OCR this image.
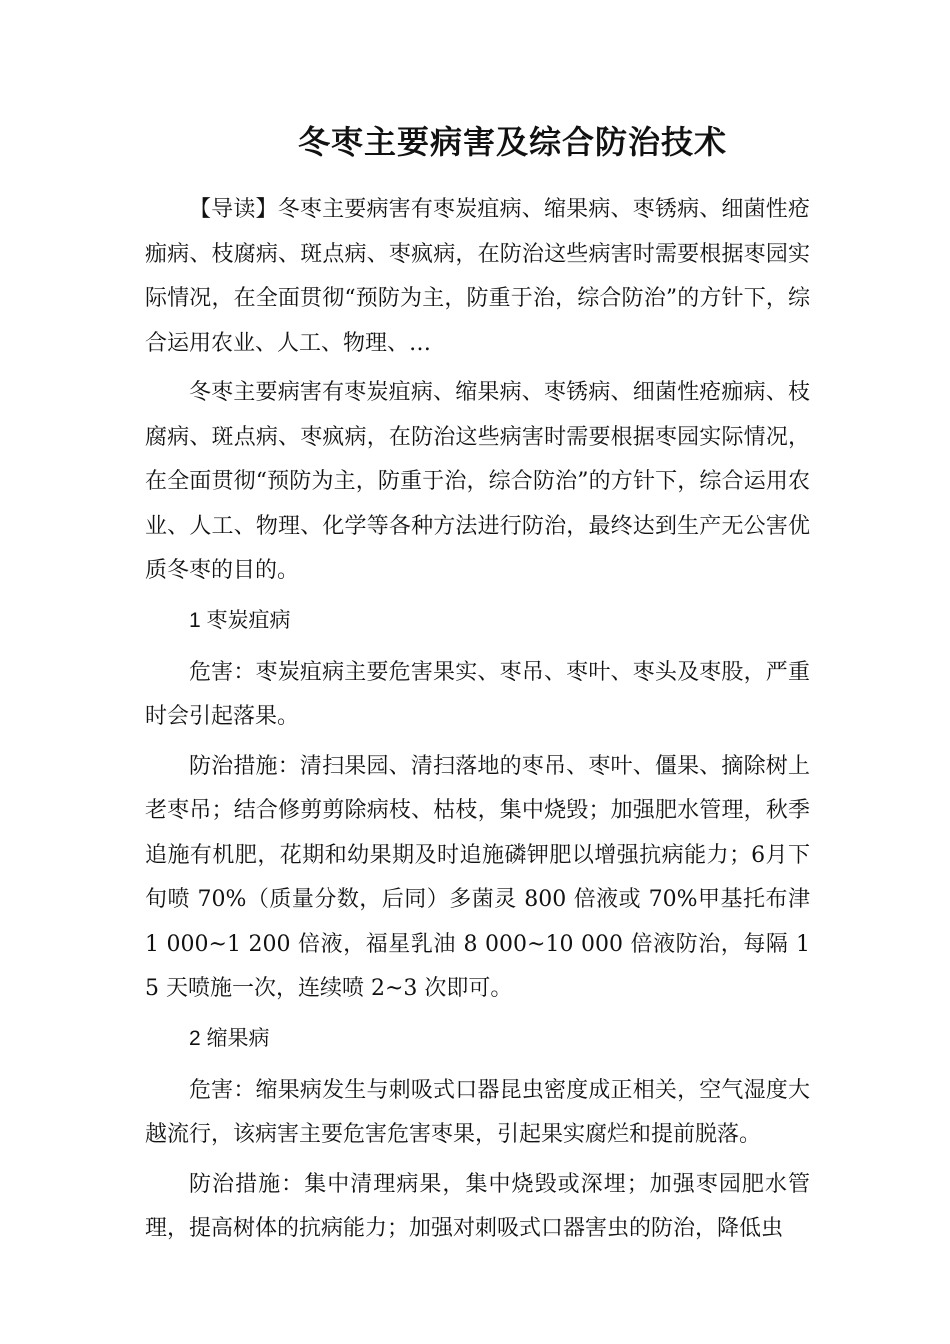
冬枣主要病害及综合防治技术

【导读】冬枣主要病害有枣炭疽病、缩果病、枣锈病、细菌性疮痂病、枝腐病、斑点病、枣疯病，在防治这些病害时需要根据枣园实际情况，在全面贯彻“预防为主，防重于治，综合防治”的方针下，综合运用农业、人工、物理、…

冬枣主要病害有枣炭疽病、缩果病、枣锈病、细菌性疮痂病、枝腐病、斑点病、枣疯病，在防治这些病害时需要根据枣园实际情况，在全面贯彻“预防为主，防重于治，综合防治”的方针下，综合运用农业、人工、物理、化学等各种方法进行防治，最终达到生产无公害优质冬枣的目的。

1 枣炭疽病

危害：枣炭疽病主要危害果实、枣吊、枣叶、枣头及枣股，严重时会引起落果。

防治措施：清扫果园、清扫落地的枣吊、枣叶、僵果、摘除树上老枣吊；结合修剪剪除病枝、枯枝，集中烧毁；加强肥水管理，秋季追施有机肥，花期和幼果期及时追施磷钾肥以增强抗病能力；6月下旬喷 70%（质量分数，后同）多菌灵 800 倍液或 70%甲基托布津 1 000~1 200 倍液，福星乳油 8 000~10 000 倍液防治，每隔 15 天喷施一次，连续喷 2~3 次即可。

2 缩果病

危害：缩果病发生与刺吸式口器昆虫密度成正相关，空气湿度大越流行，该病害主要危害危害枣果，引起果实腐烂和提前脱落。

防治措施：集中清理病果，集中烧毁或深埋；加强枣园肥水管理，提高树体的抗病能力；加强对刺吸式口器害虫的防治，降低虫
